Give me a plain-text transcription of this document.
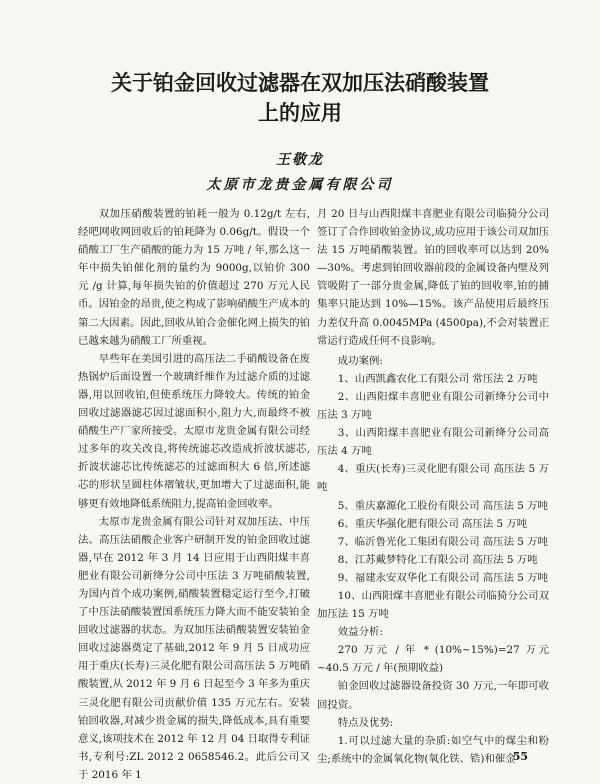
关于铂金回收过滤器在双加压法硝酸装置
上的应用
王敬龙
太原市龙贵金属有限公司

双加压硝酸装置的铂耗一般为 0.12g/t 左右,经吧网收网回收后的铂耗降为 0.06g/t。假设一个硝酸工厂生产硝酸的能力为 15 万吨 / 年,那么这一年中损失铂催化剂的量约为 9000g,以铂价 300 元 /g 计算,每年损失铂的价值超过 270 万元人民币。因铂金的昂贵,使之构成了影响硝酸生产成本的第二大因素。因此,回收从铂合金催化网上损失的铂已越来越为硝酸工厂所重视。

早些年在美国引进的高压法二手硝酸设备在废热锅炉后面设置一个玻璃纤维作为过滤介质的过滤器,用以回收铂,但使系统压力降较大。传统的铂金回收过滤器滤芯因过滤面积小,阻力大,而最终不被硝酸生产厂家所接受。太原市龙贵金属有限公司经过多年的攻关改良,将传统滤芯改造成折波状滤芯,折波状滤芯比传统滤芯的过滤面积大 6 倍,所述滤芯的形状呈圆柱体褶皱状,更加增大了过滤面积,能够更有效地降低系统阻力,提高铂金回收率。

太原市龙贵金属有限公司针对双加压法、中压法、高压法硝酸企业客户研制开发的铂金回收过滤器,早在 2012 年 3 月 14 日应用于山西阳煤丰喜肥业有限公司新绛分公司中压法 3 万吨硝酸装置,为国内首个成功案例,硝酸装置稳定运行至今,打破了中压法硝酸装置国系统压力降大而不能安装铂金回收过滤器的状态。为双加压法硝酸装置安装铂金回收过滤器奠定了基础,2012 年 9 月 5 日成功应用于重庆(长寿)三灵化肥有限公司高压法 5 万吨硝酸装置,从 2012 年 9 月 6 日起至今 3 年多为重庆三灵化肥有限公司贡献价值 135 万元左右。安装铂回收器,对减少贵金属的损失,降低成本,具有重要意义,该项技术在 2012 年 12 月 04 日取得专利证书,专利号:ZL 2012 2 0658546.2。此后公司又于 2016 年 1

月 20 日与山西阳煤丰喜肥业有限公司临猗分公司签订了合作回收铂金协议,成功应用于该公司双加压法 15 万吨硝酸装置。铂的回收率可以达到 20%—30%。考虑到铂回收器前段的金属设备内壁及列管吸附了一部分贵金属,降低了铂的回收率,铂的捕集率只能达到 10%—15%。该产品使用后最终压力差仅升高 0.0045MPa (4500pa),不会对装置正常运行造成任何不良影响。

成功案例:

1、山西凯鑫农化工有限公司 常压法 2 万吨

2、山西阳煤丰喜肥业有限公司新绛分公司中压法 3 万吨

3、山西阳煤丰喜肥业有限公司新绛分公司高压法 4 万吨

4、重庆(长寿)三灵化肥有限公司 高压法 5 万吨

5、重庆嘉源化工股份有限公司 高压法 5 万吨

6、重庆华强化肥有限公司 高压法 5 万吨

7、临沂鲁光化工集团有限公司 高压法 5 万吨

8、江苏戴梦特化工有限公司 高压法 5 万吨

9、福建永安双华化工有限公司 高压法 5 万吨

10、山西阳煤丰喜肥业有限公司临猗分公司双加压法 15 万吨

效益分析:

270 万元 / 年 * (10%~15%)=27 万元 ~40.5 万元 / 年(预期收益)

铂金回收过滤器设备投资 30 万元,一年即可收回投资。

特点及优势:

1.可以过滤大量的杂质:如空气中的煤尘和粉尘;系统中的金属氧化物(氧化铁、锆)和催金

55
